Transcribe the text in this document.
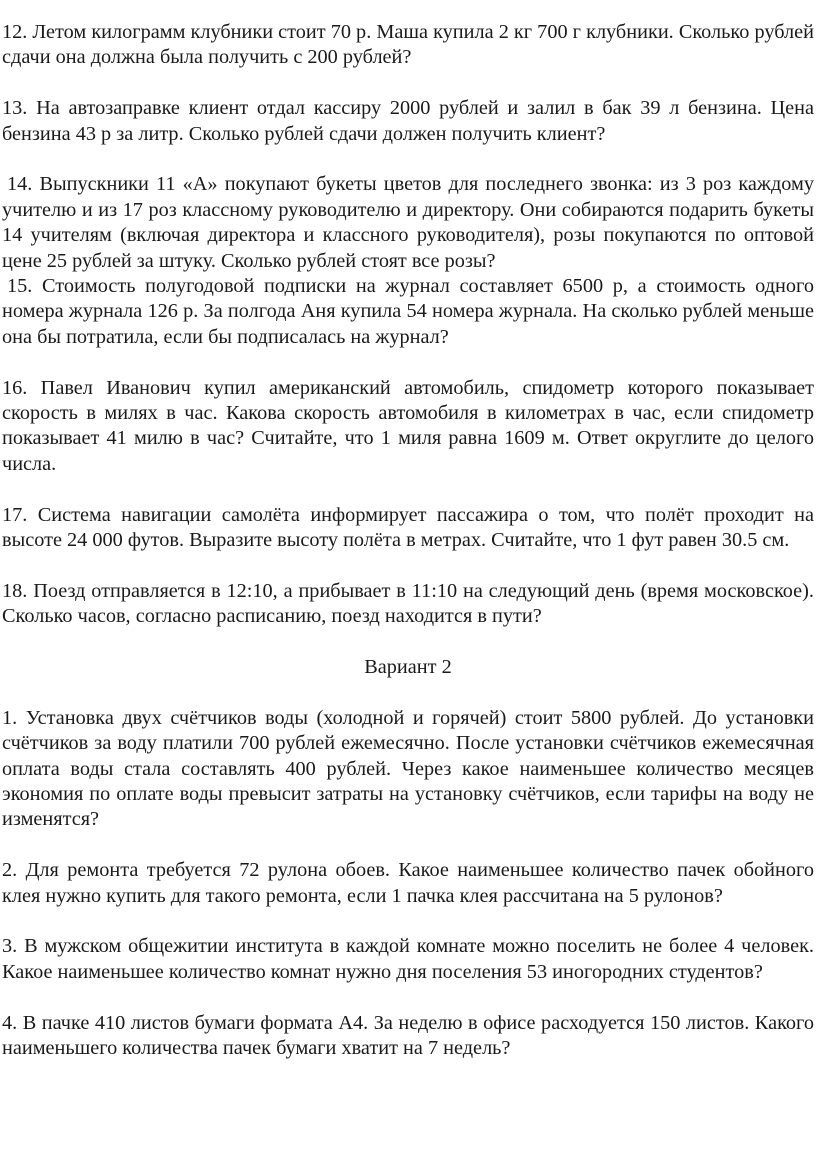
12. Летом килограмм клубники стоит 70 р. Маша купила 2 кг 700 г клубники. Сколько рублей сдачи она должна была получить с 200 рублей?

13. На автозаправке клиент отдал кассиру 2000 рублей и залил в бак 39 л бензина. Цена бензина 43 р за литр. Сколько рублей сдачи должен получить клиент?

14. Выпускники 11 «А» покупают букеты цветов для последнего звонка: из 3 роз каждому учителю и из 17 роз классному руководителю и директору. Они собираются подарить букеты 14 учителям (включая директора и классного руководителя), розы покупаются по оптовой цене 25 рублей за штуку. Сколько рублей стоят все розы?

15. Стоимость полугодовой подписки на журнал составляет 6500 р, а стоимость одного номера журнала 126 р. За полгода Аня купила 54 номера журнала. На сколько рублей меньше она бы потратила, если бы подписалась на журнал?

16. Павел Иванович купил американский автомобиль, спидометр которого показывает скорость в милях в час. Какова скорость автомобиля в километрах в час, если спидометр показывает 41 милю в час? Считайте, что 1 миля равна 1609 м. Ответ округлите до целого числа.

17. Система навигации самолёта информирует пассажира о том, что полёт проходит на высоте 24 000 футов. Выразите высоту полёта в метрах. Считайте, что 1 фут равен 30.5 см.

18. Поезд отправляется в 12:10, а прибывает в 11:10 на следующий день (время московское). Сколько часов, согласно расписанию, поезд находится в пути?

Вариант 2

1. Установка двух счётчиков воды (холодной и горячей) стоит 5800 рублей. До установки счётчиков за воду платили 700 рублей ежемесячно. После установки счётчиков ежемесячная оплата воды стала составлять 400 рублей. Через какое наименьшее количество месяцев экономия по оплате воды превысит затраты на установку счётчиков, если тарифы на воду не изменятся?

2. Для ремонта требуется 72 рулона обоев. Какое наименьшее количество пачек обойного клея нужно купить для такого ремонта, если 1 пачка клея рассчитана на 5 рулонов?

3. В мужском общежитии института в каждой комнате можно поселить не более 4 человек. Какое наименьшее количество комнат нужно дня поселения 53 иногородних студентов?

4. В пачке 410 листов бумаги формата А4. За неделю в офисе расходуется 150 листов. Какого наименьшего количества пачек бумаги хватит на 7 недель?
